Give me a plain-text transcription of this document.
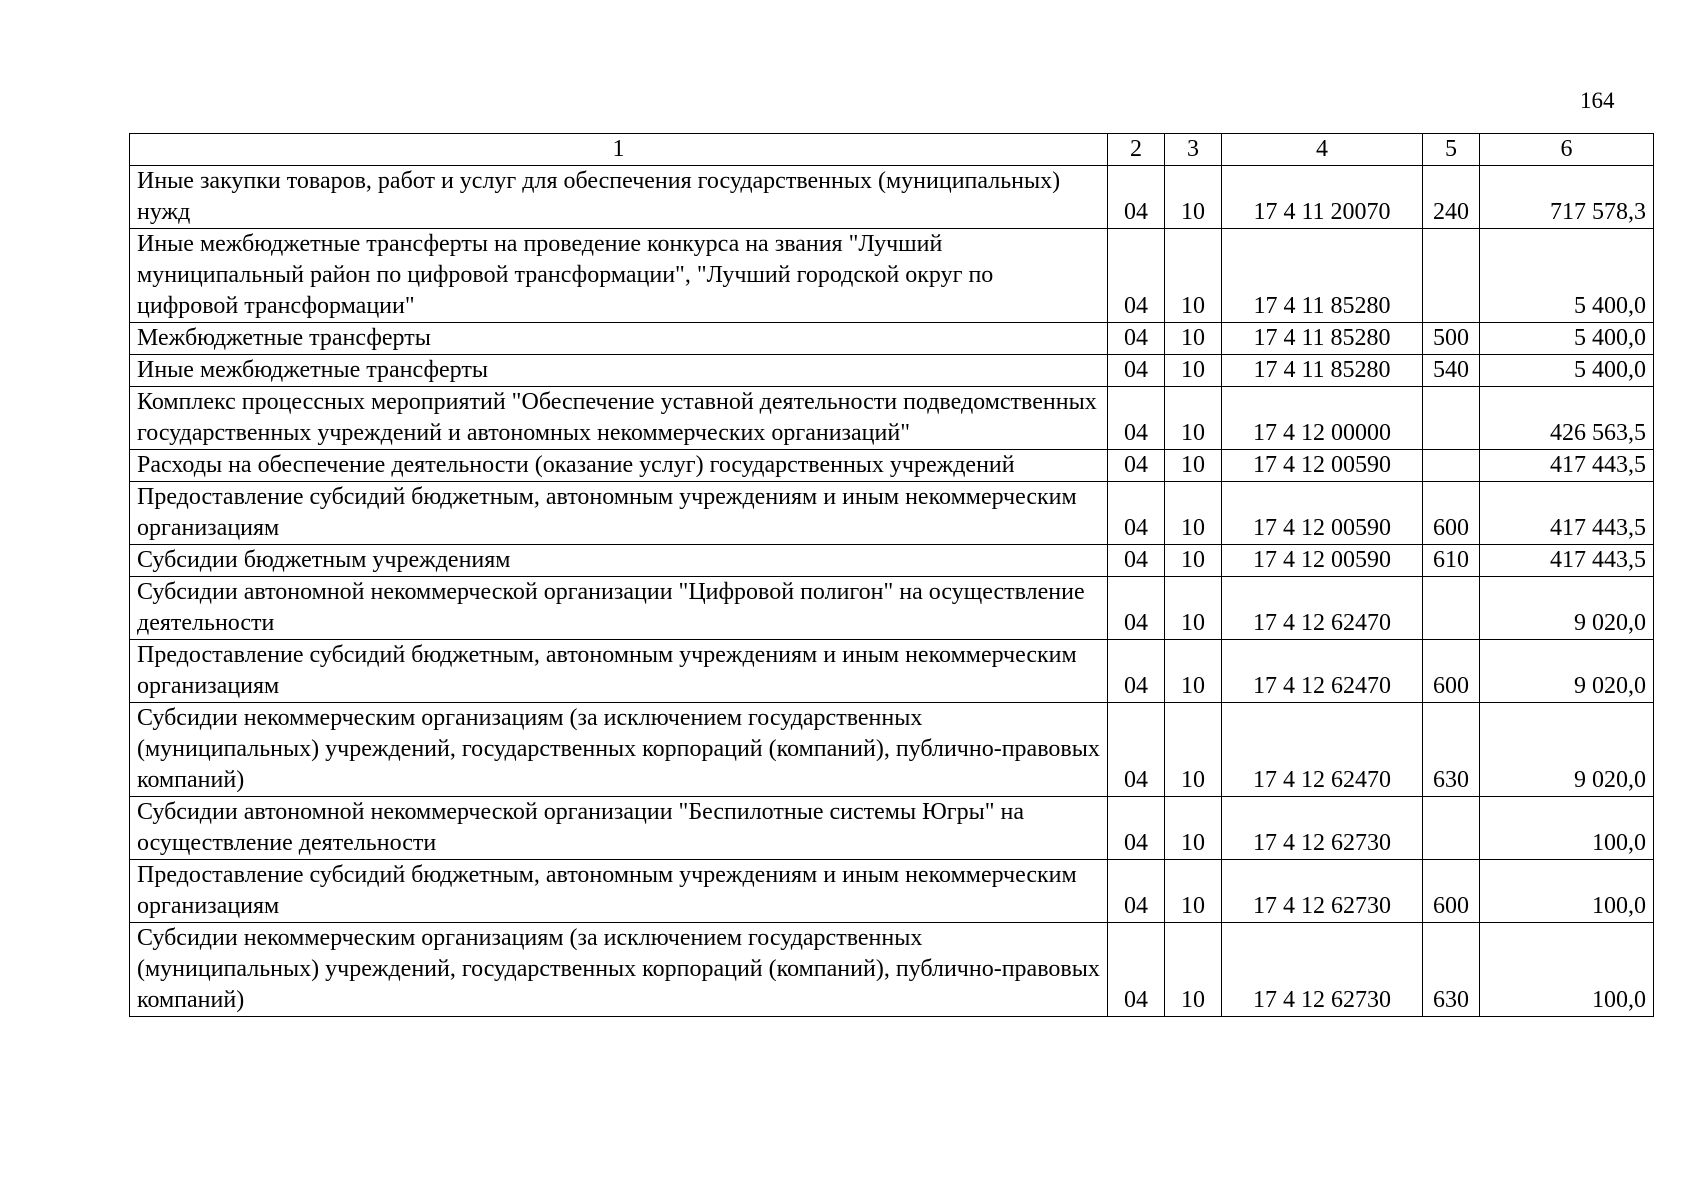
164
1	2	3	4	5	6
Иные закупки товаров, работ и услуг для обеспечения государственных (муниципальных) нужд	04	10	17 4 11 20070	240	717 578,3
Иные межбюджетные трансферты на проведение конкурса на звания "Лучший муниципальный район по цифровой трансформации", "Лучший городской округ по цифровой трансформации"	04	10	17 4 11 85280		5 400,0
Межбюджетные трансферты	04	10	17 4 11 85280	500	5 400,0
Иные межбюджетные трансферты	04	10	17 4 11 85280	540	5 400,0
Комплекс процессных мероприятий "Обеспечение уставной деятельности подведомственных государственных учреждений и автономных некоммерческих организаций"	04	10	17 4 12 00000		426 563,5
Расходы на обеспечение деятельности (оказание услуг) государственных учреждений	04	10	17 4 12 00590		417 443,5
Предоставление субсидий бюджетным, автономным учреждениям и иным некоммерческим организациям	04	10	17 4 12 00590	600	417 443,5
Субсидии бюджетным учреждениям	04	10	17 4 12 00590	610	417 443,5
Субсидии автономной некоммерческой организации "Цифровой полигон" на осуществление деятельности	04	10	17 4 12 62470		9 020,0
Предоставление субсидий бюджетным, автономным учреждениям и иным некоммерческим организациям	04	10	17 4 12 62470	600	9 020,0
Субсидии некоммерческим организациям (за исключением государственных (муниципальных) учреждений, государственных корпораций (компаний), публично-правовых компаний)	04	10	17 4 12 62470	630	9 020,0
Субсидии автономной некоммерческой организации "Беспилотные системы Югры" на осуществление деятельности	04	10	17 4 12 62730		100,0
Предоставление субсидий бюджетным, автономным учреждениям и иным некоммерческим организациям	04	10	17 4 12 62730	600	100,0
Субсидии некоммерческим организациям (за исключением государственных (муниципальных) учреждений, государственных корпораций (компаний), публично-правовых компаний)	04	10	17 4 12 62730	630	100,0
